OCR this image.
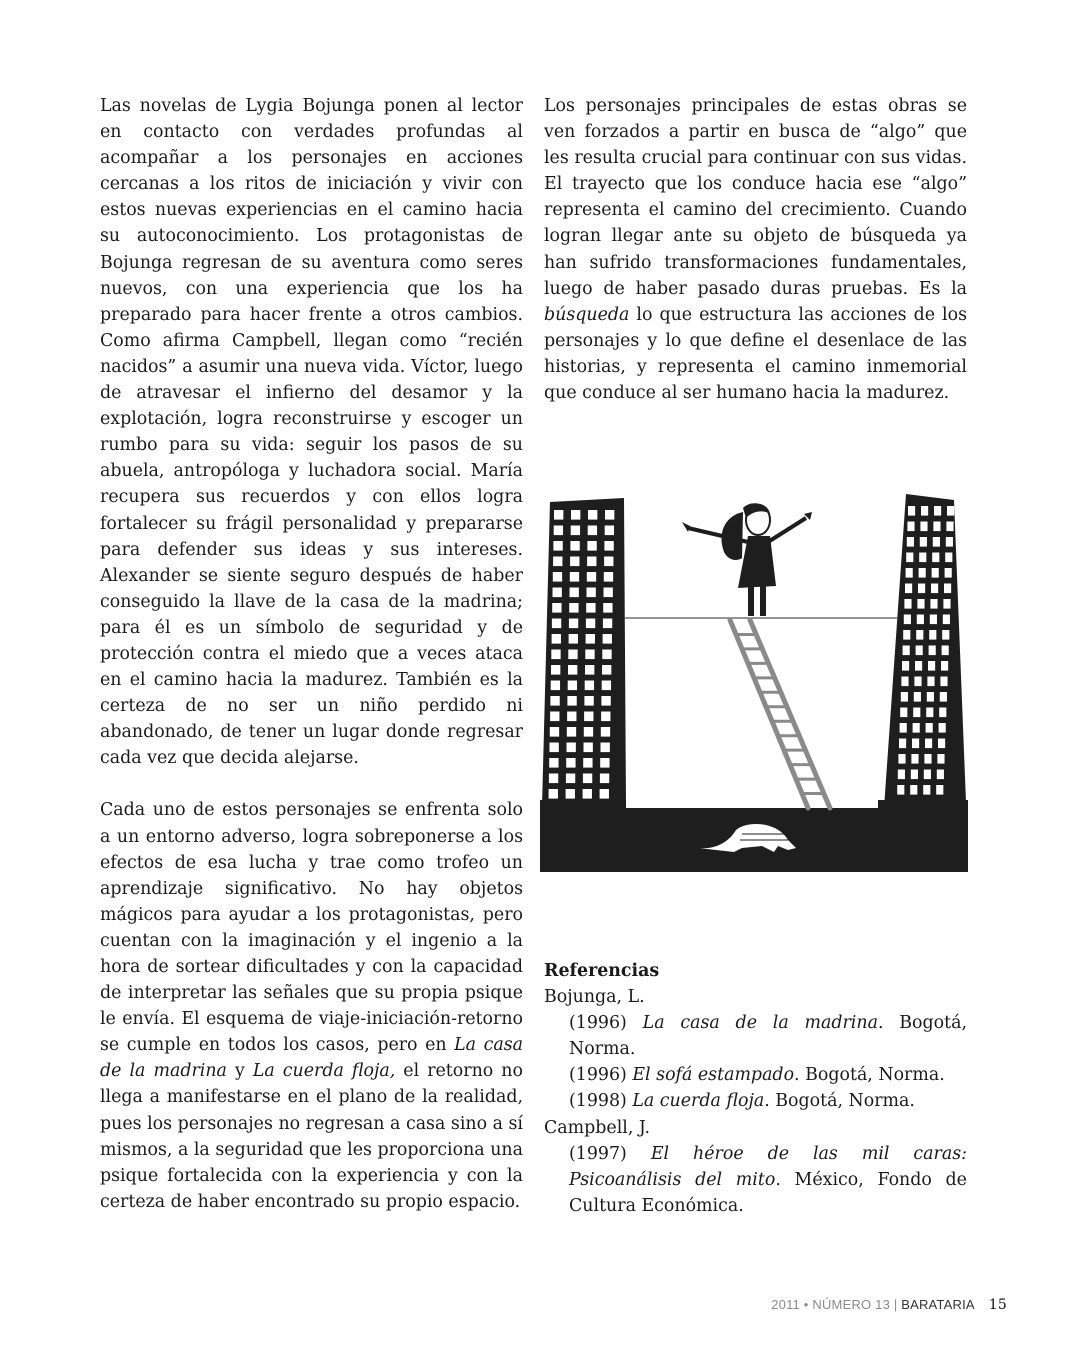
Las novelas de Lygia Bojunga ponen al lector en contacto con verdades profundas al acompañar a los personajes en acciones cercanas a los ritos de iniciación y vivir con estos nuevas experiencias en el camino hacia su autoconocimiento. Los protagonistas de Bojunga regresan de su aventura como seres nuevos, con una experiencia que los ha preparado para hacer frente a otros cambios. Como afirma Campbell, llegan como “recién nacidos” a asumir una nueva vida. Víctor, luego de atravesar el infierno del desamor y la explotación, logra reconstruirse y escoger un rumbo para su vida: seguir los pasos de su abuela, antropóloga y luchadora social. María recupera sus recuerdos y con ellos logra fortalecer su frágil personalidad y prepararse para defender sus ideas y sus intereses. Alexander se siente seguro después de haber conseguido la llave de la casa de la madrina; para él es un símbolo de seguridad y de protección contra el miedo que a veces ataca en el camino hacia la madurez. También es la certeza de no ser un niño perdido ni abandonado, de tener un lugar donde regresar cada vez que decida alejarse.

Cada uno de estos personajes se enfrenta solo a un entorno adverso, logra sobreponerse a los efectos de esa lucha y trae como trofeo un aprendizaje significativo. No hay objetos mágicos para ayudar a los protagonistas, pero cuentan con la imaginación y el ingenio a la hora de sortear dificultades y con la capacidad de interpretar las señales que su propia psique le envía. El esquema de viaje-iniciación-retorno se cumple en todos los casos, pero en La casa de la madrina y La cuerda floja, el retorno no llega a manifestarse en el plano de la realidad, pues los personajes no regresan a casa sino a sí mismos, a la seguridad que les proporciona una psique fortalecida con la experiencia y con la certeza de haber encontrado su propio espacio.

Los personajes principales de estas obras se ven forzados a partir en busca de “algo” que les resulta crucial para continuar con sus vidas. El trayecto que los conduce hacia ese “algo” representa el camino del crecimiento. Cuando logran llegar ante su objeto de búsqueda ya han sufrido transformaciones fundamentales, luego de haber pasado duras pruebas. Es la búsqueda lo que estructura las acciones de los personajes y lo que define el desenlace de las historias, y representa el camino inmemorial que conduce al ser humano hacia la madurez.

Referencias

Bojunga, L.

(1996) La casa de la madrina. Bogotá, Norma.

(1996) El sofá estampado. Bogotá, Norma.

(1998) La cuerda floja. Bogotá, Norma.

Campbell, J.

(1997) El héroe de las mil caras: Psicoanálisis del mito. México, Fondo de Cultura Económica.

2011 • NÚMERO 13 | BARATARIA 15
